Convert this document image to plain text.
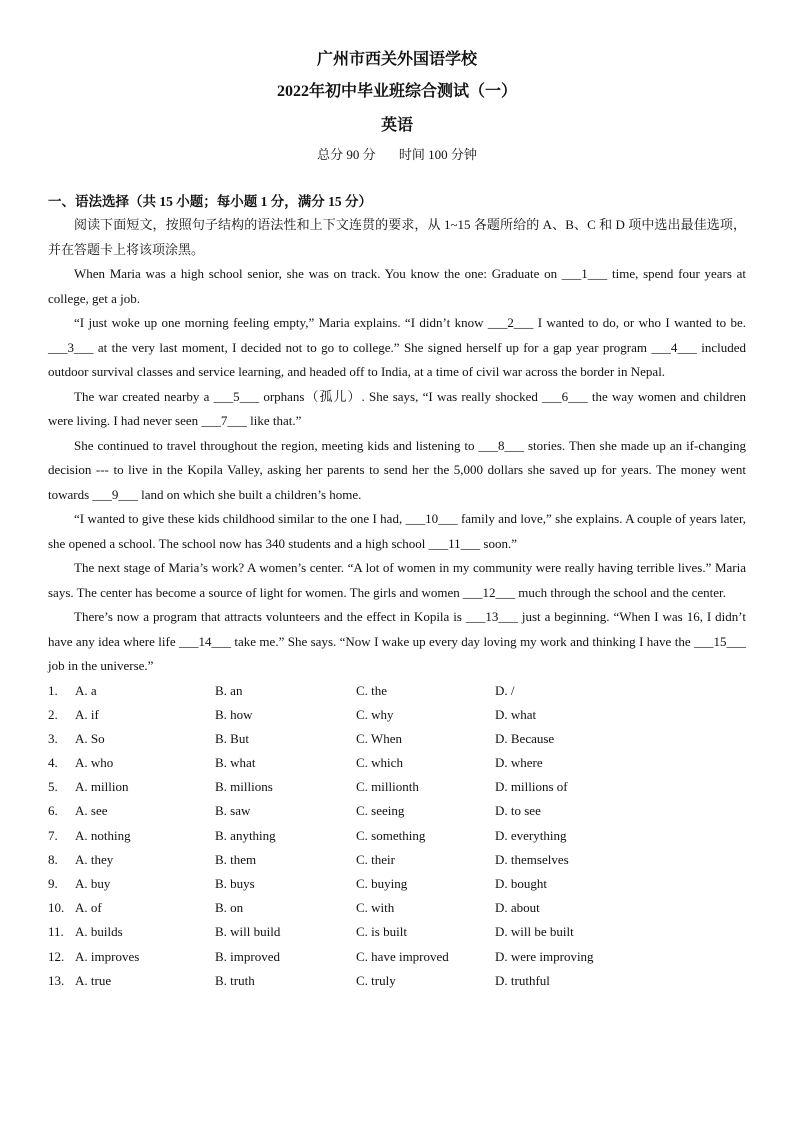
广州市西关外国语学校
2022年初中毕业班综合测试（一）
英语
总分 90 分 时间 100 分钟
一、语法选择（共 15 小题；每小题 1 分，满分 15 分）

阅读下面短文，按照句子结构的语法性和上下文连贯的要求，从 1~15 各题所给的 A、B、C 和 D 项中选出最佳选项，并在答题卡上将该项涂黑。

When Maria was a high school senior, she was on track. You know the one: Graduate on ___1___ time, spend four years at college, get a job.

“I just woke up one morning feeling empty,” Maria explains. “I didn’t know ___2___ I wanted to do, or who I wanted to be. ___3___ at the very last moment, I decided not to go to college.” She signed herself up for a gap year program ___4___ included outdoor survival classes and service learning, and headed off to India, at a time of civil war across the border in Nepal.

The war created nearby a ___5___ orphans（孤儿）. She says, “I was really shocked ___6___ the way women and children were living. I had never seen ___7___ like that.”

She continued to travel throughout the region, meeting kids and listening to ___8___ stories. Then she made up an if-changing decision --- to live in the Kopila Valley, asking her parents to send her the 5,000 dollars she saved up for years. The money went towards ___9___ land on which she built a children’s home.

“I wanted to give these kids childhood similar to the one I had, ___10___ family and love,” she explains. A couple of years later, she opened a school. The school now has 340 students and a high school ___11___ soon.”

The next stage of Maria’s work? A women’s center. “A lot of women in my community were really having terrible lives.” Maria says. The center has become a source of light for women. The girls and women ___12___ much through the school and the center.

There’s now a program that attracts volunteers and the effect in Kopila is ___13___ just a beginning. “When I was 16, I didn’t have any idea where life ___14___ take me.” She says. “Now I wake up every day loving my work and thinking I have the ___15___ job in the universe.”

1.	A. a	B. an	C. the	D. /
2.	A. if	B. how	C. why	D. what
3.	A. So	B. But	C. When	D. Because
4.	A. who	B. what	C. which	D. where
5.	A. million	B. millions	C. millionth	D. millions of
6.	A. see	B. saw	C. seeing	D. to see
7.	A. nothing	B. anything	C. something	D. everything
8.	A. they	B. them	C. their	D. themselves
9.	A. buy	B. buys	C. buying	D. bought
10. A. of	B. on	C. with	D. about
11. A. builds	B. will build	C. is built	D. will be built
12. A. improves	B. improved	C. have improved	D. were improving
13. A. true	B. truth	C. truly	D. truthful
